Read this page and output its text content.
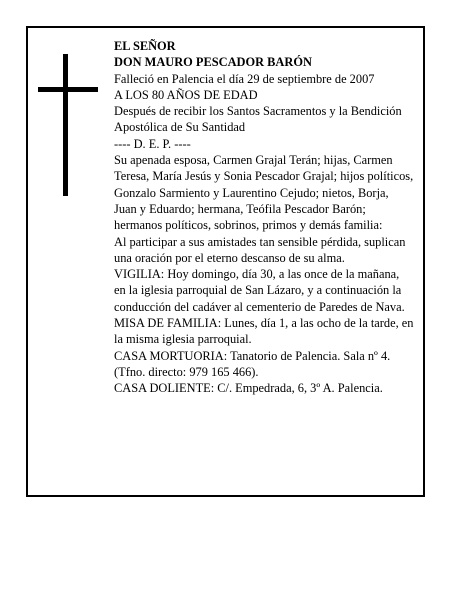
EL SEÑOR

DON MAURO PESCADOR BARÓN

Falleció en Palencia el día 29 de septiembre de 2007

A LOS 80 AÑOS DE EDAD

Después de recibir los Santos Sacramentos y la Bendición Apostólica de Su Santidad

---- D. E. P. ----

Su apenada esposa, Carmen Grajal Terán; hijas, Carmen Teresa, María Jesús y Sonia Pescador Grajal; hijos políticos, Gonzalo Sarmiento y Laurentino Cejudo; nietos, Borja, Juan y Eduardo; hermana, Teófila Pescador Barón; hermanos políticos, sobrinos, primos y demás familia:

Al participar a sus amistades tan sensible pérdida, suplican una oración por el eterno descanso de su alma.

VIGILIA: Hoy domingo, día 30, a las once de la mañana, en la iglesia parroquial de San Lázaro, y a continuación la conducción del cadáver al cementerio de Paredes de Nava.

MISA DE FAMILIA: Lunes, día 1, a las ocho de la tarde, en la misma iglesia parroquial.

CASA MORTUORIA: Tanatorio de Palencia. Sala nº 4. (Tfno. directo: 979 165 466).

CASA DOLIENTE: C/. Empedrada, 6, 3º A. Palencia.
